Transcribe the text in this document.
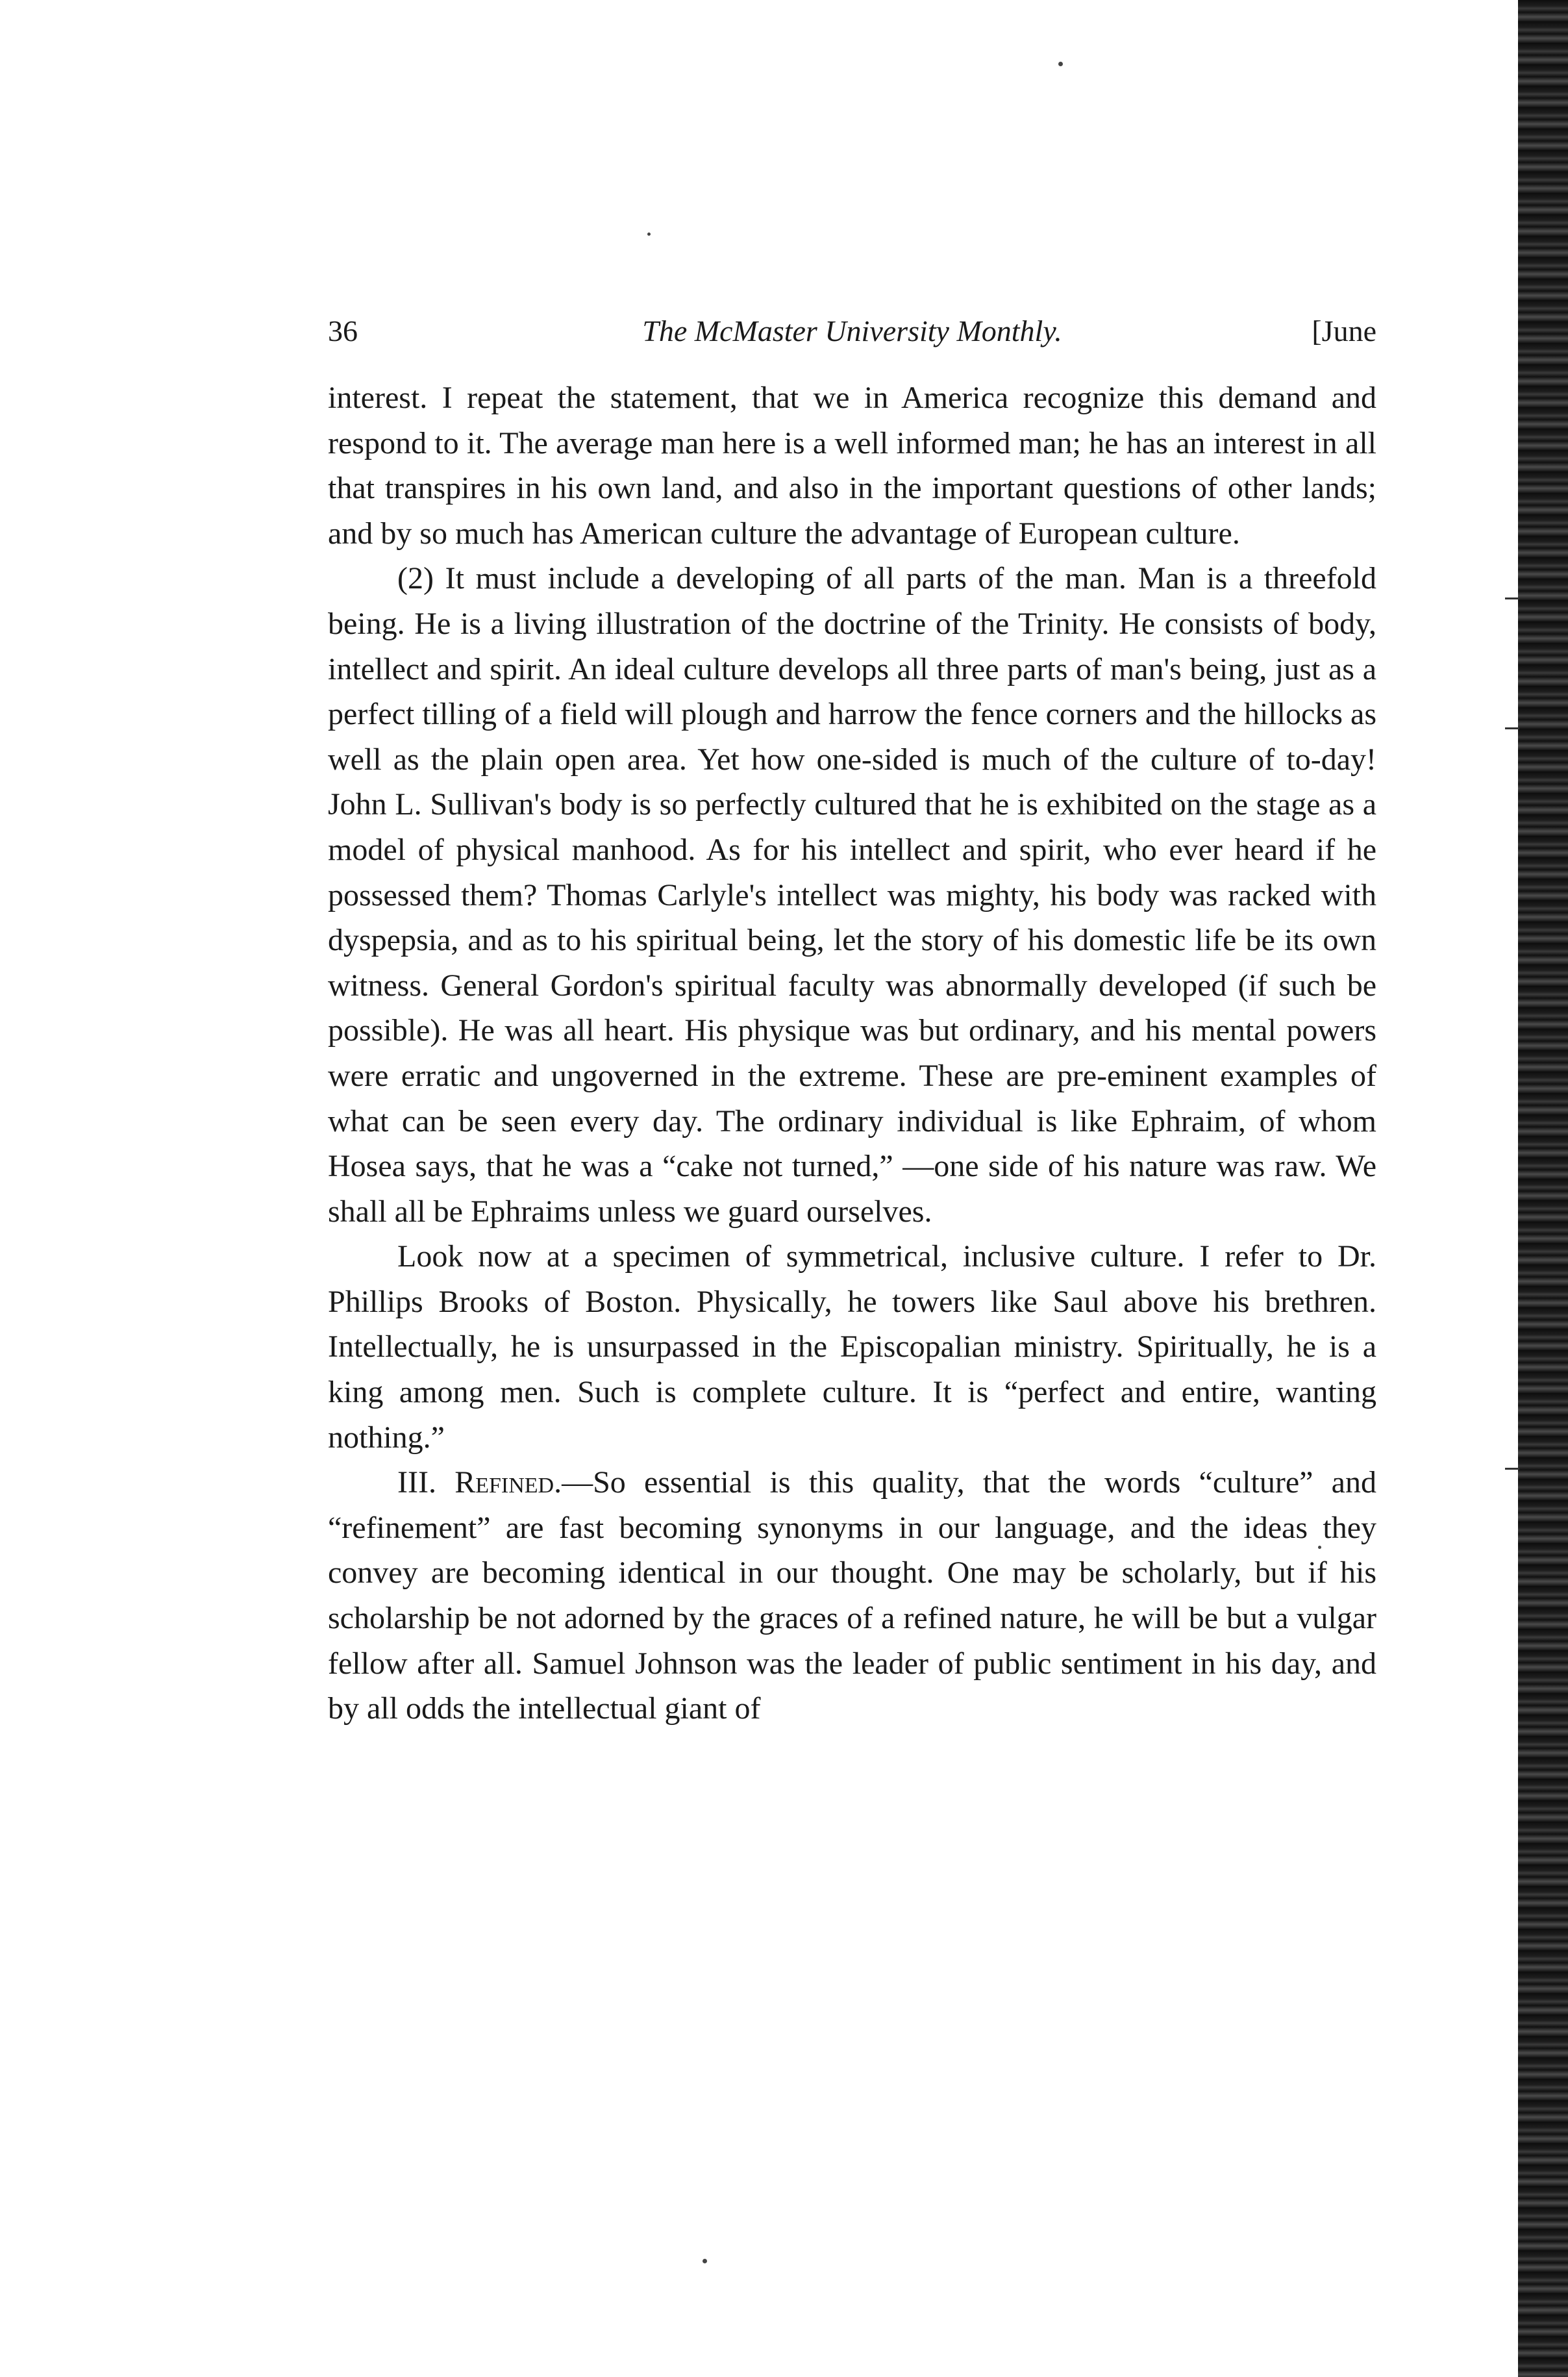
36	The McMaster University Monthly.	[June

interest. I repeat the statement, that we in America recognize this demand and respond to it. The average man here is a well informed man; he has an interest in all that transpires in his own land, and also in the important questions of other lands; and by so much has American culture the advantage of European culture.

(2) It must include a developing of all parts of the man. Man is a threefold being. He is a living illustration of the doctrine of the Trinity. He consists of body, intellect and spirit. An ideal culture develops all three parts of man's being, just as a perfect tilling of a field will plough and harrow the fence corners and the hillocks as well as the plain open area. Yet how one-sided is much of the culture of to-day! John L. Sullivan's body is so perfectly cultured that he is exhibited on the stage as a model of physical manhood. As for his intellect and spirit, who ever heard if he possessed them? Thomas Carlyle's intellect was mighty, his body was racked with dyspepsia, and as to his spiritual being, let the story of his domestic life be its own witness. General Gordon's spiritual faculty was abnormally developed (if such be possible). He was all heart. His physique was but ordinary, and his mental powers were erratic and ungoverned in the extreme. These are pre-eminent examples of what can be seen every day. The ordinary individual is like Ephraim, of whom Hosea says, that he was a “cake not turned,” —one side of his nature was raw. We shall all be Ephraims unless we guard ourselves.

Look now at a specimen of symmetrical, inclusive culture. I refer to Dr. Phillips Brooks of Boston. Physically, he towers like Saul above his brethren. Intellectually, he is unsurpassed in the Episcopalian ministry. Spiritually, he is a king among men. Such is complete culture. It is “perfect and entire, wanting nothing.”

III. Refined.—So essential is this quality, that the words “culture” and “refinement” are fast becoming synonyms in our language, and the ideas they convey are becoming identical in our thought. One may be scholarly, but if his scholarship be not adorned by the graces of a refined nature, he will be but a vulgar fellow after all. Samuel Johnson was the leader of public sentiment in his day, and by all odds the intellectual giant of
